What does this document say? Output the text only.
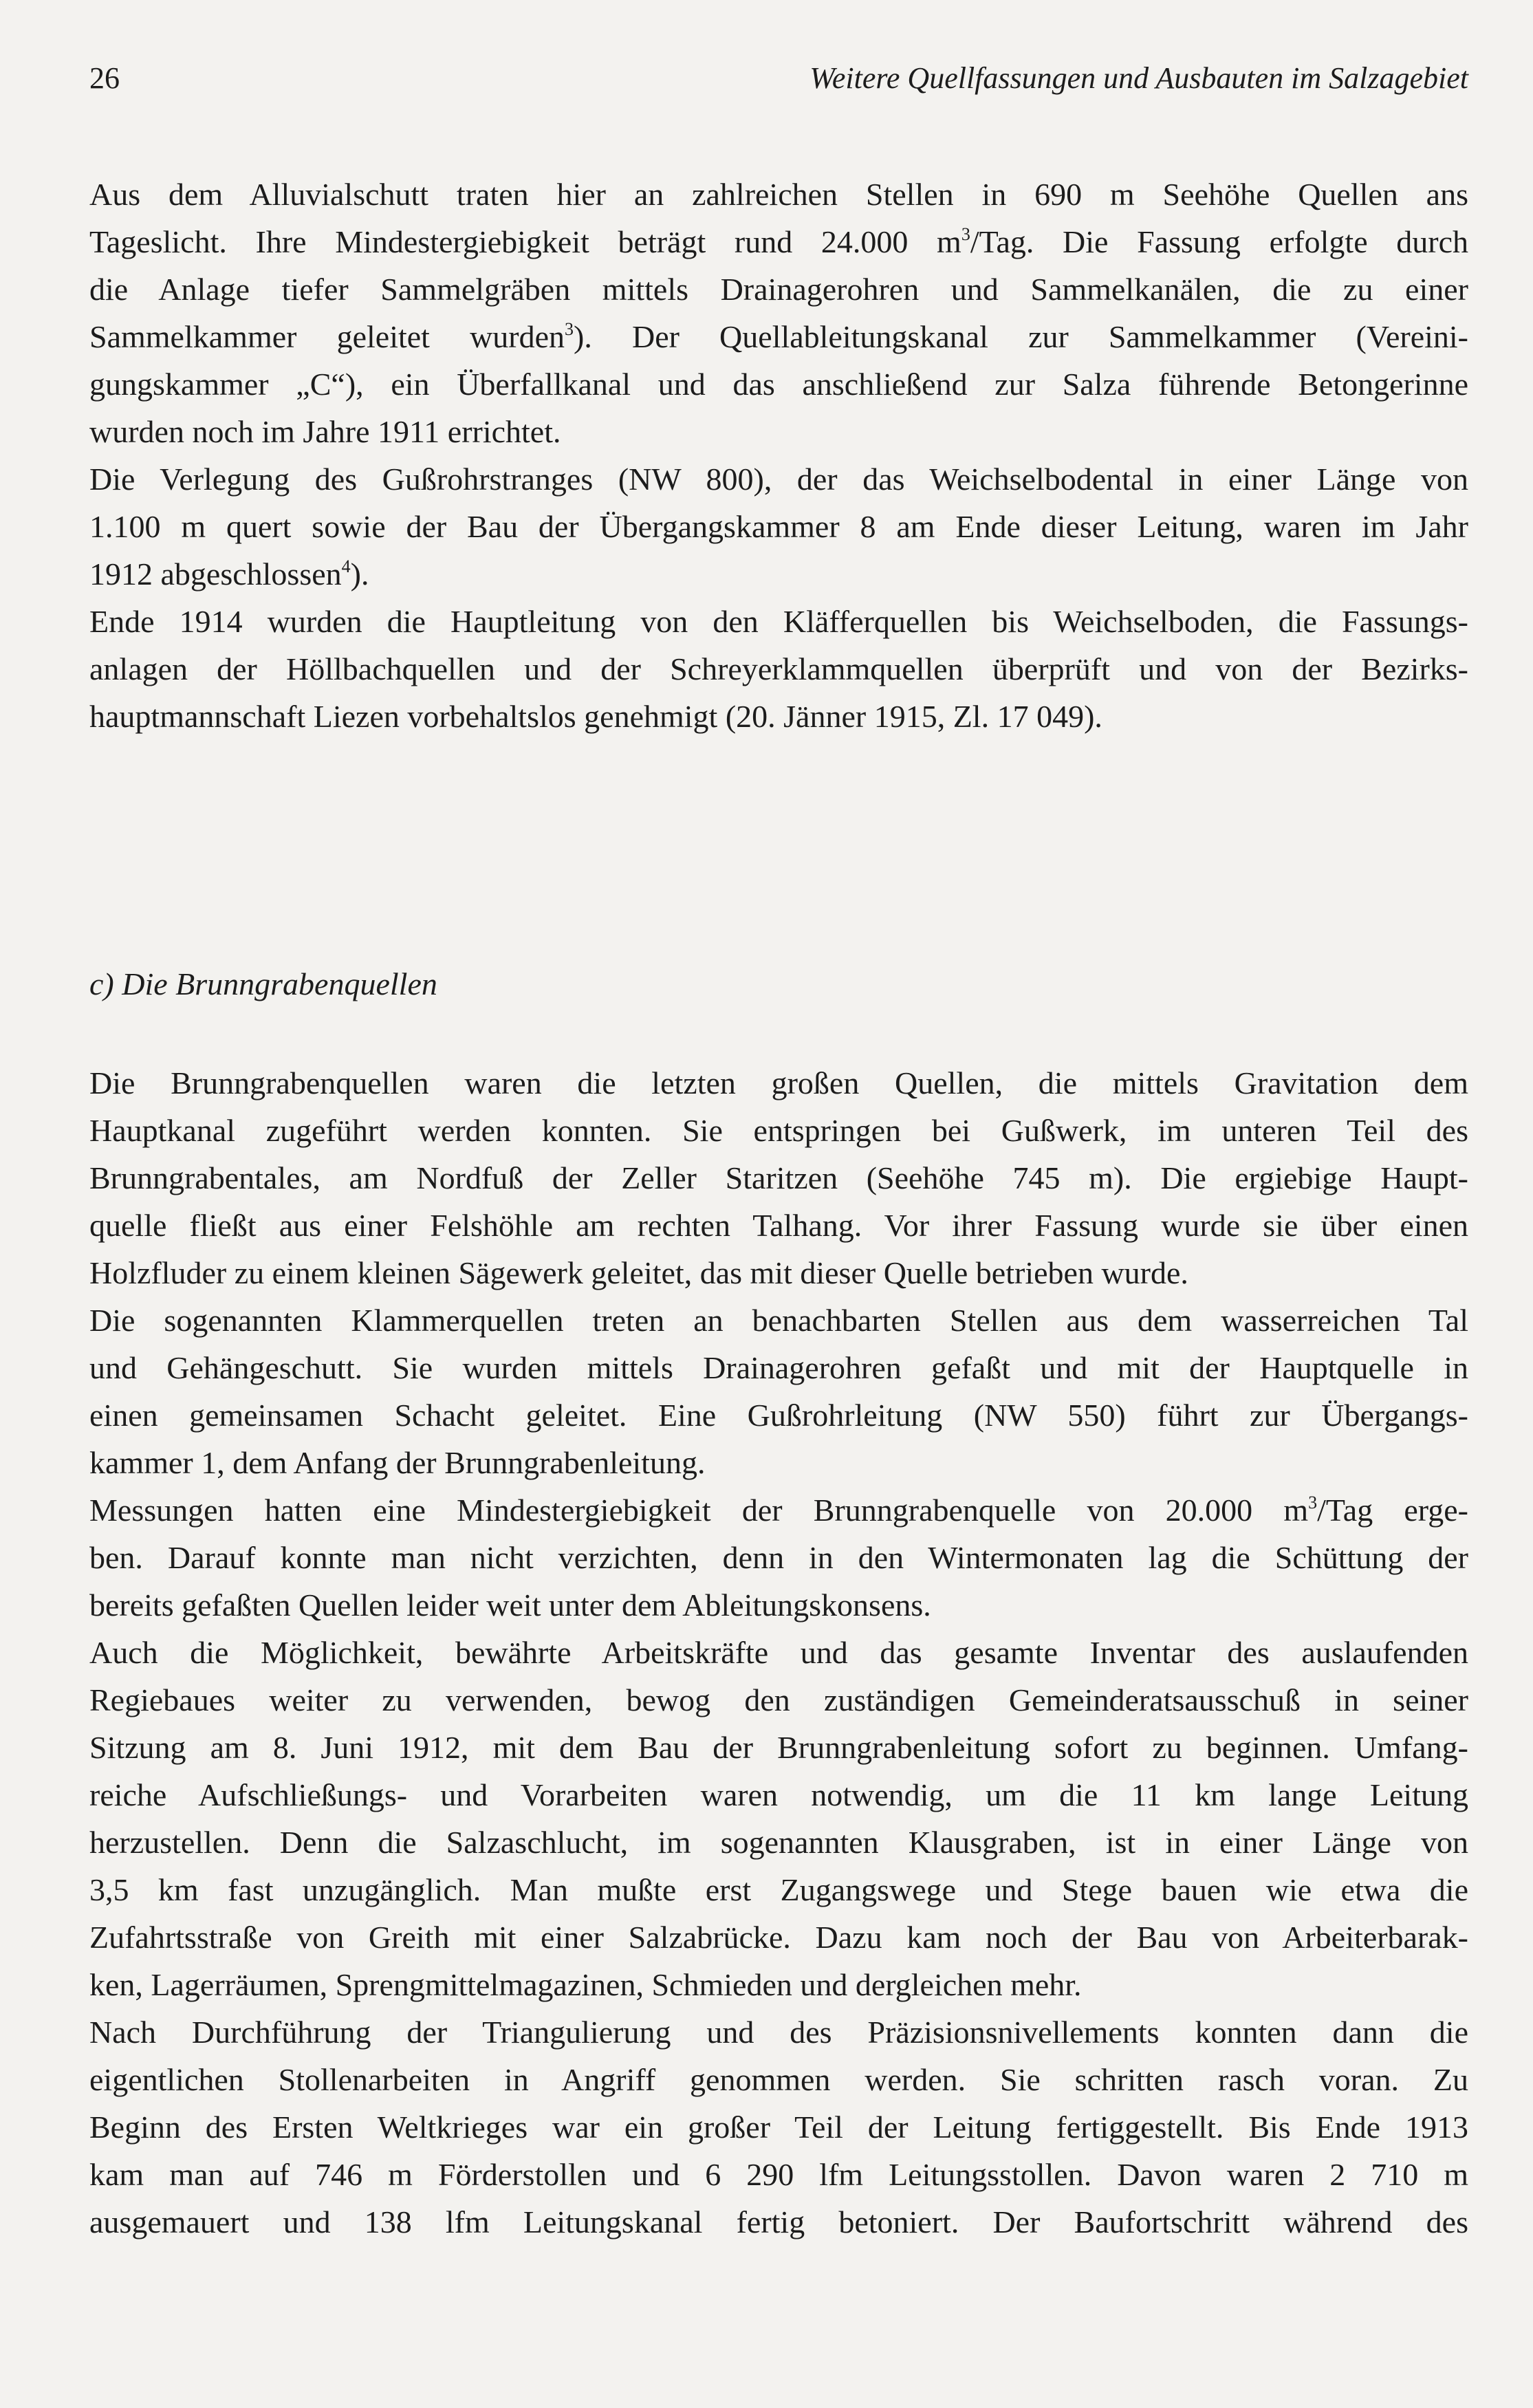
26	Weitere Quellfassungen und Ausbauten im Salzagebiet
Aus dem Alluvialschutt traten hier an zahlreichen Stellen in 690 m Seehöhe Quellen ans
Tageslicht. Ihre Mindestergiebigkeit beträgt rund 24.000 $m^3$/Tag. Die Fassung erfolgte durch
die Anlage tiefer Sammelgräben mittels Drainagerohren und Sammelkanälen, die zu einer
Sammelkammer geleitet wurden$^3$). Der Quellableitungskanal zur Sammelkammer (Vereini-
gungskammer „C“), ein Überfallkanal und das anschließend zur Salza führende Betongerinne
wurden noch im Jahre 1911 errichtet.
Die Verlegung des Gußrohrstranges (NW 800), der das Weichselbodental in einer Länge von
1.100 m quert sowie der Bau der Übergangskammer 8 am Ende dieser Leitung, waren im Jahr
1912 abgeschlossen$^4$).
Ende 1914 wurden die Hauptleitung von den Kläfferquellen bis Weichselboden, die Fassungs-
anlagen der Höllbachquellen und der Schreyerklammquellen überprüft und von der Bezirks-
hauptmannschaft Liezen vorbehaltslos genehmigt (20. Jänner 1915, Zl. 17 049).
c) Die Brunngrabenquellen
Die Brunngrabenquellen waren die letzten großen Quellen, die mittels Gravitation dem
Hauptkanal zugeführt werden konnten. Sie entspringen bei Gußwerk, im unteren Teil des
Brunngrabentales, am Nordfuß der Zeller Staritzen (Seehöhe 745 m). Die ergiebige Haupt-
quelle fließt aus einer Felshöhle am rechten Talhang. Vor ihrer Fassung wurde sie über einen
Holzfluder zu einem kleinen Sägewerk geleitet, das mit dieser Quelle betrieben wurde.
Die sogenannten Klammerquellen treten an benachbarten Stellen aus dem wasserreichen Tal
und Gehängeschutt. Sie wurden mittels Drainagerohren gefaßt und mit der Hauptquelle in
einen gemeinsamen Schacht geleitet. Eine Gußrohrleitung (NW 550) führt zur Übergangs-
kammer 1, dem Anfang der Brunngrabenleitung.
Messungen hatten eine Mindestergiebigkeit der Brunngrabenquelle von 20.000 $m^3$/Tag erge-
ben. Darauf konnte man nicht verzichten, denn in den Wintermonaten lag die Schüttung der
bereits gefaßten Quellen leider weit unter dem Ableitungskonsens.
Auch die Möglichkeit, bewährte Arbeitskräfte und das gesamte Inventar des auslaufenden
Regiebaues weiter zu verwenden, bewog den zuständigen Gemeinderatsausschuß in seiner
Sitzung am 8. Juni 1912, mit dem Bau der Brunngrabenleitung sofort zu beginnen. Umfang-
reiche Aufschließungs- und Vorarbeiten waren notwendig, um die 11 km lange Leitung
herzustellen. Denn die Salzaschlucht, im sogenannten Klausgraben, ist in einer Länge von
3,5 km fast unzugänglich. Man mußte erst Zugangswege und Stege bauen wie etwa die
Zufahrtsstraße von Greith mit einer Salzabrücke. Dazu kam noch der Bau von Arbeiterbarak-
ken, Lagerräumen, Sprengmittelmagazinen, Schmieden und dergleichen mehr.
Nach Durchführung der Triangulierung und des Präzisionsnivellements konnten dann die
eigentlichen Stollenarbeiten in Angriff genommen werden. Sie schritten rasch voran. Zu
Beginn des Ersten Weltkrieges war ein großer Teil der Leitung fertiggestellt. Bis Ende 1913
kam man auf 746 m Förderstollen und 6 290 lfm Leitungsstollen. Davon waren 2 710 m
ausgemauert und 138 lfm Leitungskanal fertig betoniert. Der Baufortschritt während des
